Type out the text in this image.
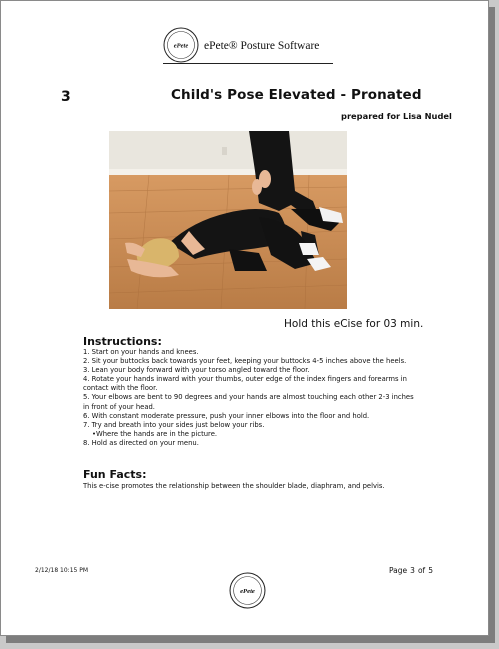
ePete ePete® Posture Software
3	Child's Pose Elevated - Pronated
prepared for Lisa Nudel
Hold this eCise for 03 min.
Instructions:
1. Start on your hands and knees.
2. Sit your buttocks back towards your feet, keeping your buttocks 4-5 inches above the heels.
3. Lean your body forward with your torso angled toward the floor.
4. Rotate your hands inward with your thumbs, outer edge of the index fingers and forearms in
contact with the floor.
5. Your elbows are bent to 90 degrees and your hands are almost touching each other 2-3 inches
in front of your head.
6. With constant moderate pressure, push your inner elbows into the floor and hold.
7. Try and breath into your sides just below your ribs.
•Where the hands are in the picture.
8. Hold as directed on your menu.
Fun Facts:
This e-cise promotes the relationship between the shoulder blade, diaphram, and pelvis.
2/12/18 10:15 PM
ePete
Page 3 of 5
